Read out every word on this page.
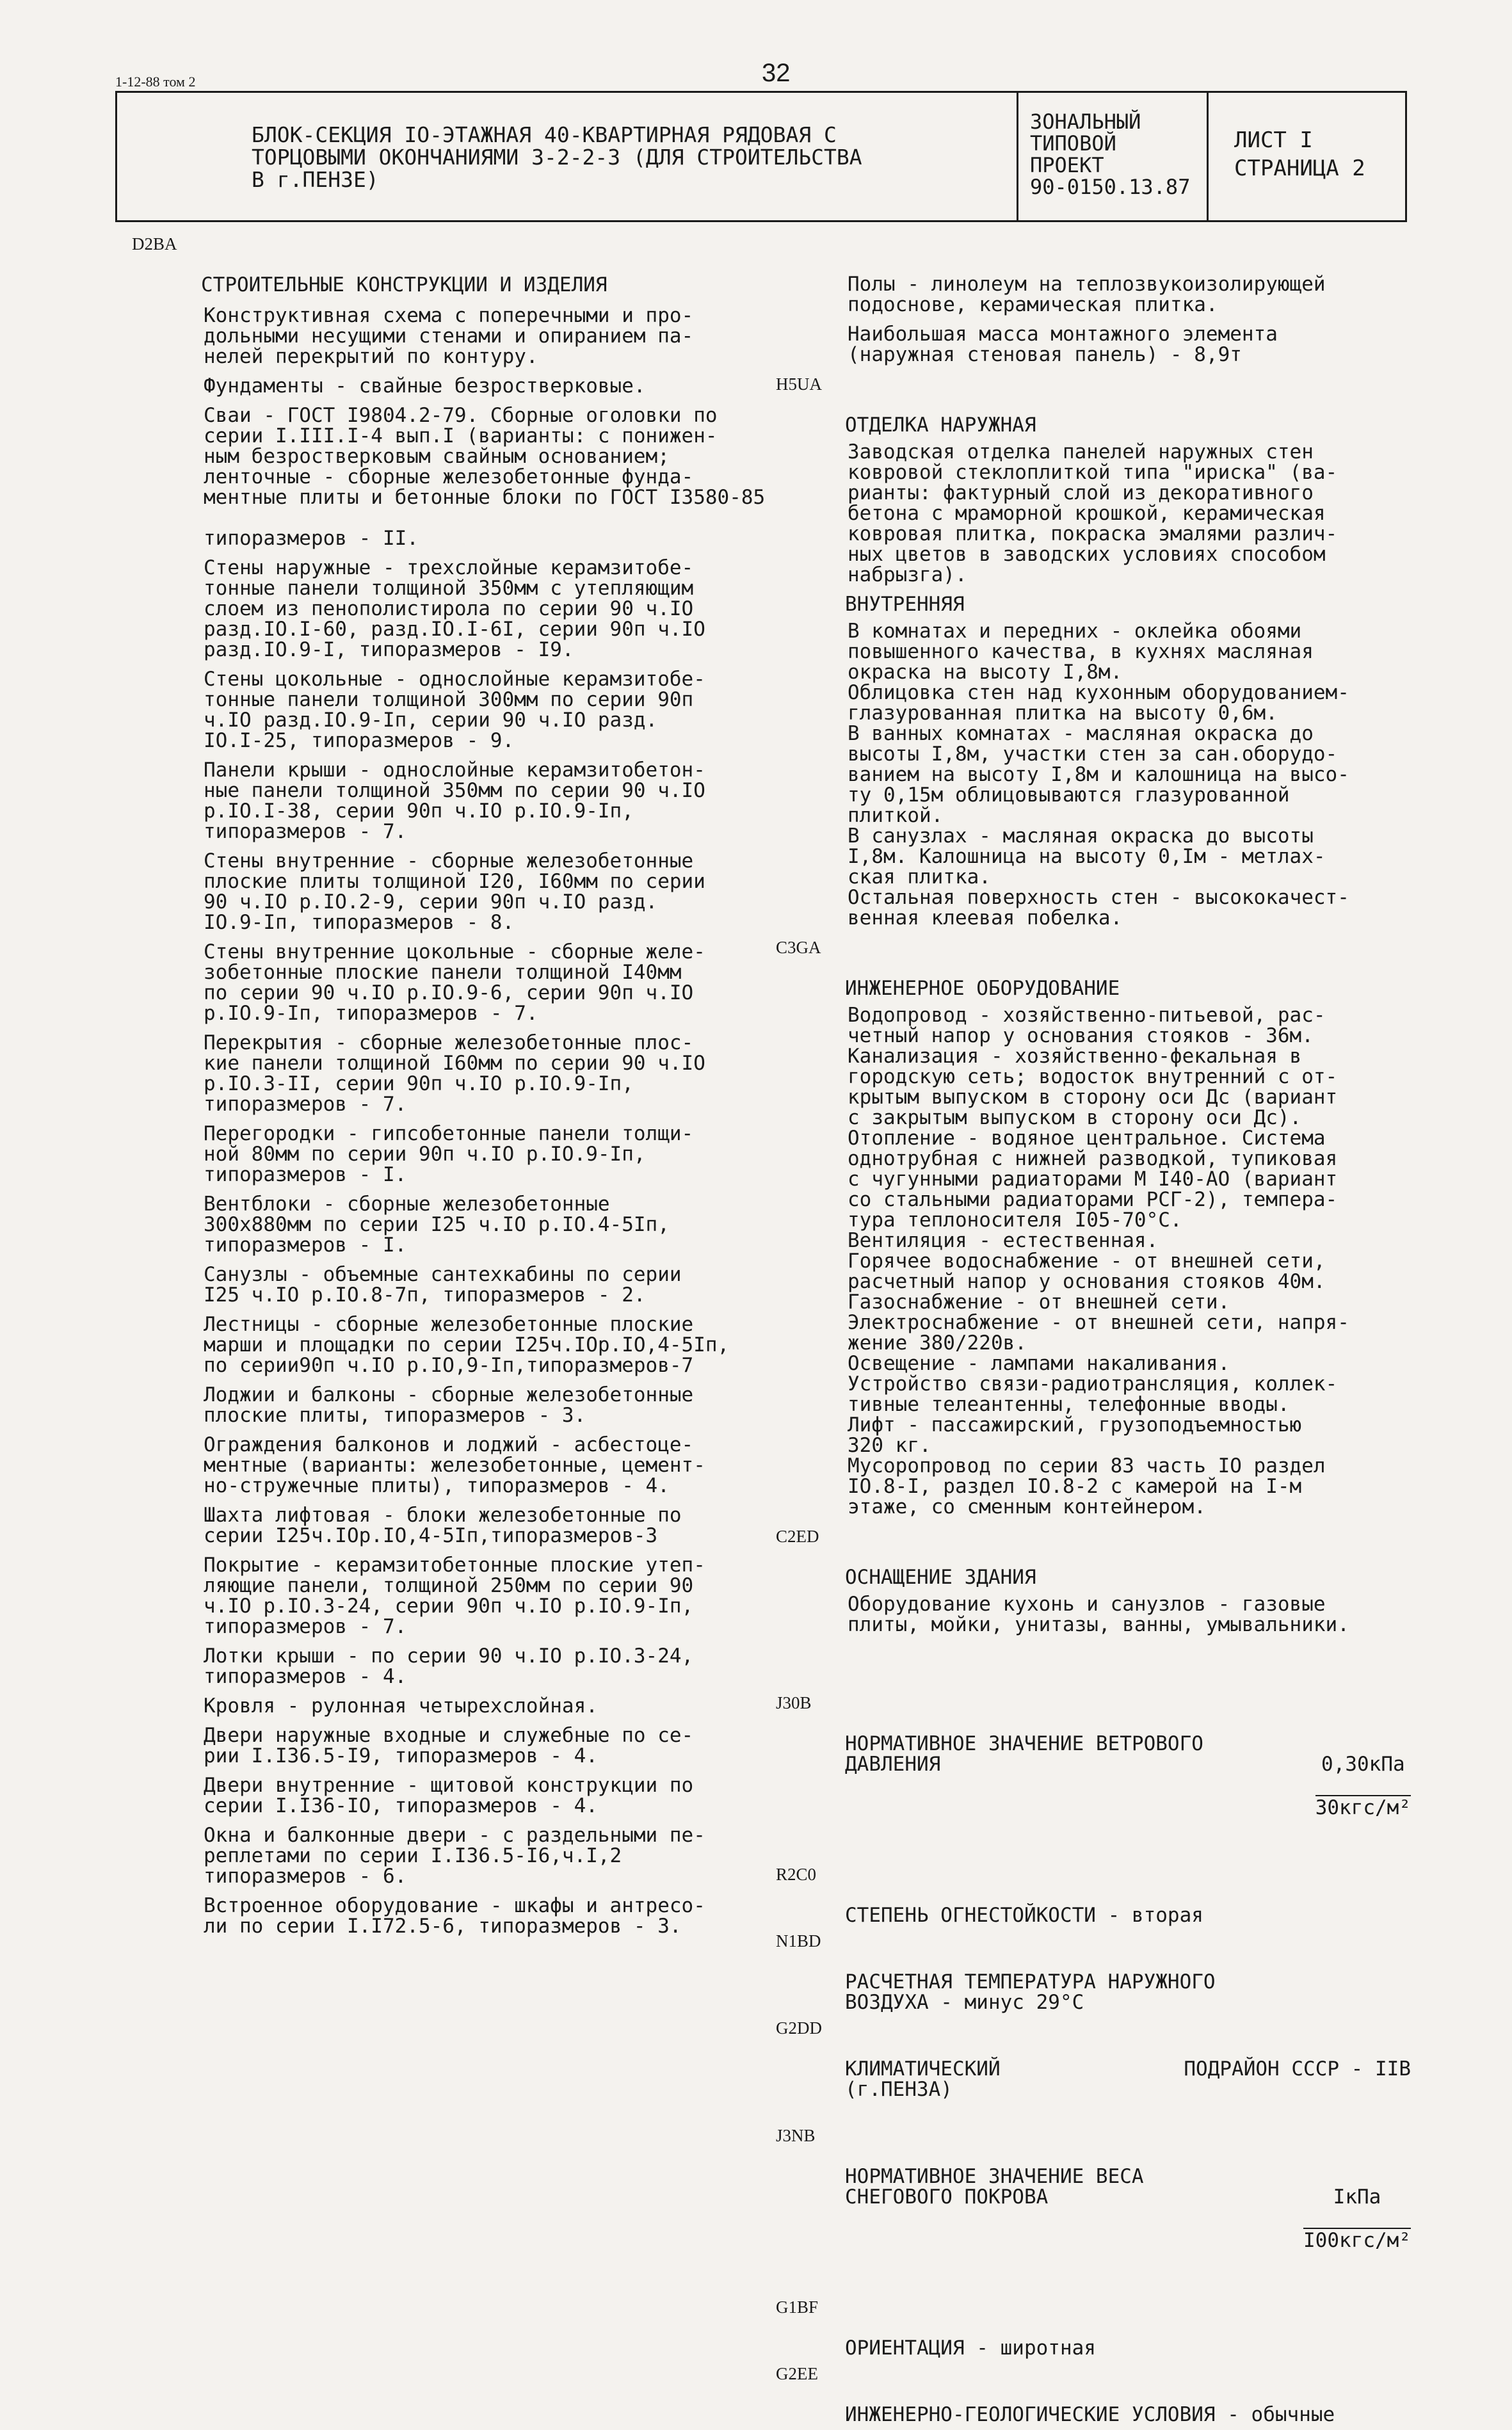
1-12-88 том 2	32
БЛОК-СЕКЦИЯ IO-ЭТАЖНАЯ 40-КВАРТИРНАЯ РЯДОВАЯ С
ТОРЦОВЫМИ ОКОНЧАНИЯМИ 3-2-2-3 (ДЛЯ СТРОИТЕЛЬСТВА
В г.ПЕНЗЕ)
ЗОНАЛЬНЫЙ
ТИПОВОЙ
ПРОЕКТ
90-0150.13.87
ЛИСТ I
СТРАНИЦА 2

D2BA

СТРОИТЕЛЬНЫЕ КОНСТРУКЦИИ И ИЗДЕЛИЯ

Конструктивная схема с поперечными и про-
дольными несущими стенами и опиранием па-
нелей перекрытий по контуру.
Фундаменты - свайные безростверковые.
Сваи - ГОСТ I9804.2-79. Сборные оголовки по
серии I.III.I-4 вып.I (варианты: с понижен-
ным безростверковым свайным основанием;
ленточные - сборные железобетонные фунда-
ментные плиты и бетонные блоки по ГОСТ I3580-85

типоразмеров - II.
Стены наружные - трехслойные керамзитобе-
тонные панели толщиной 350мм с утепляющим
слоем из пенополистирола по серии 90 ч.IO
разд.IO.I-60, разд.IO.I-6I, серии 90п ч.IO
разд.IO.9-I, типоразмеров - I9.
Стены цокольные - однослойные керамзитобе-
тонные панели толщиной 300мм по серии 90п
ч.IO разд.IO.9-Iп, серии 90 ч.IO разд.
IO.I-25, типоразмеров - 9.
Панели крыши - однослойные керамзитобетон-
ные панели толщиной 350мм по серии 90 ч.IO
р.IO.I-38, серии 90п ч.IO р.IO.9-Iп,
типоразмеров - 7.
Стены внутренние - сборные железобетонные
плоские плиты толщиной I20, I60мм по серии
90 ч.IO р.IO.2-9, серии 90п ч.IO разд.
IO.9-Iп, типоразмеров - 8.
Стены внутренние цокольные - сборные желе-
зобетонные плоские панели толщиной I40мм
по серии 90 ч.IO р.IO.9-6, серии 90п ч.IO
р.IO.9-Iп, типоразмеров - 7.
Перекрытия - сборные железобетонные плос-
кие панели толщиной I60мм по серии 90 ч.IO
р.IO.3-II, серии 90п ч.IO р.IO.9-Iп,
типоразмеров - 7.
Перегородки - гипсобетонные панели толщи-
ной 80мм по серии 90п ч.IO р.IO.9-Iп,
типоразмеров - I.
Вентблоки - сборные железобетонные
300x880мм по серии I25 ч.IO р.IO.4-5Iп,
типоразмеров - I.
Санузлы - объемные сантехкабины по серии
I25 ч.IO р.IO.8-7п, типоразмеров - 2.
Лестницы - сборные железобетонные плоские
марши и площадки по серии I25ч.IOр.IO,4-5Iп,
по серии90п ч.IO р.IO,9-Iп,типоразмеров-7
Лоджии и балконы - сборные железобетонные
плоские плиты, типоразмеров - 3.
Ограждения балконов и лоджий - асбестоце-
ментные (варианты: железобетонные, цемент-
но-стружечные плиты), типоразмеров - 4.
Шахта лифтовая - блоки железобетонные по
серии I25ч.IOр.IO,4-5Iп,типоразмеров-3
Покрытие - керамзитобетонные плоские утеп-
ляющие панели, толщиной 250мм по серии 90
ч.IO р.IO.3-24, серии 90п ч.IO р.IO.9-Iп,
типоразмеров - 7.
Лотки крыши - по серии 90 ч.IO р.IO.3-24,
типоразмеров - 4.
Кровля - рулонная четырехслойная.
Двери наружные входные и служебные по се-
рии I.I36.5-I9, типоразмеров - 4.
Двери внутренние - щитовой конструкции по
серии I.I36-IO, типоразмеров - 4.
Окна и балконные двери - с раздельными пе-
реплетами по серии I.I36.5-I6,ч.I,2
типоразмеров - 6.
Встроенное оборудование - шкафы и антресо-
ли по серии I.I72.5-6, типоразмеров - 3.
Полы - линолеум на теплозвукоизолирующей
подоснове, керамическая плитка.
Наибольшая масса монтажного элемента
(наружная стеновая панель) - 8,9т

H5UA

ОТДЕЛКА НАРУЖНАЯ

Заводская отделка панелей наружных стен
ковровой стеклоплиткой типа "ириска" (ва-
рианты: фактурный слой из декоративного
бетона с мраморной крошкой, керамическая
ковровая плитка, покраска эмалями различ-
ных цветов в заводских условиях способом
набрызга).
ВНУТРЕННЯЯ
В комнатах и передних - оклейка обоями
повышенного качества, в кухнях масляная
окраска на высоту I,8м.
Облицовка стен над кухонным оборудованием-
глазурованная плитка на высоту 0,6м.
В ванных комнатах - масляная окраска до
высоты I,8м, участки стен за сан.оборудо-
ванием на высоту I,8м и калошница на высо-
ту 0,15м облицовываются глазурованной
плиткой.
В санузлах - масляная окраска до высоты
I,8м. Калошница на высоту 0,Iм - метлах-
ская плитка.
Остальная поверхность стен - высококачест-
венная клеевая побелка.

C3GA

ИНЖЕНЕРНОЕ ОБОРУДОВАНИЕ

Водопровод - хозяйственно-питьевой, рас-
четный напор у основания стояков - 36м.
Канализация - хозяйственно-фекальная в
городскую сеть; водосток внутренний с от-
крытым выпуском в сторону оси Дс (вариант
с закрытым выпуском в сторону оси Дс).
Отопление - водяное центральное. Система
однотрубная с нижней разводкой, тупиковая
с чугунными радиаторами М I40-АО (вариант
со стальными радиаторами РСГ-2), темпера-
тура теплоносителя I05-70°С.
Вентиляция - естественная.
Горячее водоснабжение - от внешней сети,
расчетный напор у основания стояков 40м.
Газоснабжение - от внешней сети.
Электроснабжение - от внешней сети, напря-
жение 380/220в.
Освещение - лампами накаливания.
Устройство связи-радиотрансляция, коллек-
тивные телеантенны, телефонные вводы.
Лифт - пассажирский, грузоподъемностью
320 кг.
Мусоропровод по серии 83 часть IO раздел
IO.8-I, раздел IO.8-2 с камерой на I-м
этаже, со сменным контейнером.

C2ED

ОСНАЩЕНИЕ ЗДАНИЯ

Оборудование кухонь и санузлов - газовые
плиты, мойки, унитазы, ванны, умывальники.

J30B

НОРМАТИВНОЕ ЗНАЧЕНИЕ ВЕТРОВОГО
ДАВЛЕНИЯ	$\frac{\text{0,30кПа}}{\text{30кгс/м²}}$

R2C0

СТЕПЕНЬ ОГНЕСТОЙКОСТИ - вторая

N1BD

РАСЧЕТНАЯ ТЕМПЕРАТУРА НАРУЖНОГО
ВОЗДУХА - минус 29°С

G2DD

КЛИМАТИЧЕСКИЙ
(г.ПЕНЗА)
ПОДРАЙОН СССР - IIВ

J3NB

НОРМАТИВНОЕ ЗНАЧЕНИЕ ВЕСА
СНЕГОВОГО ПОКРОВА	$\frac{\text{IкПа}}{\text{I00кгс/м²}}$

G1BF

ОРИЕНТАЦИЯ - широтная

G2EE

ИНЖЕНЕРНО-ГЕОЛОГИЧЕСКИЕ УСЛОВИЯ - обычные
